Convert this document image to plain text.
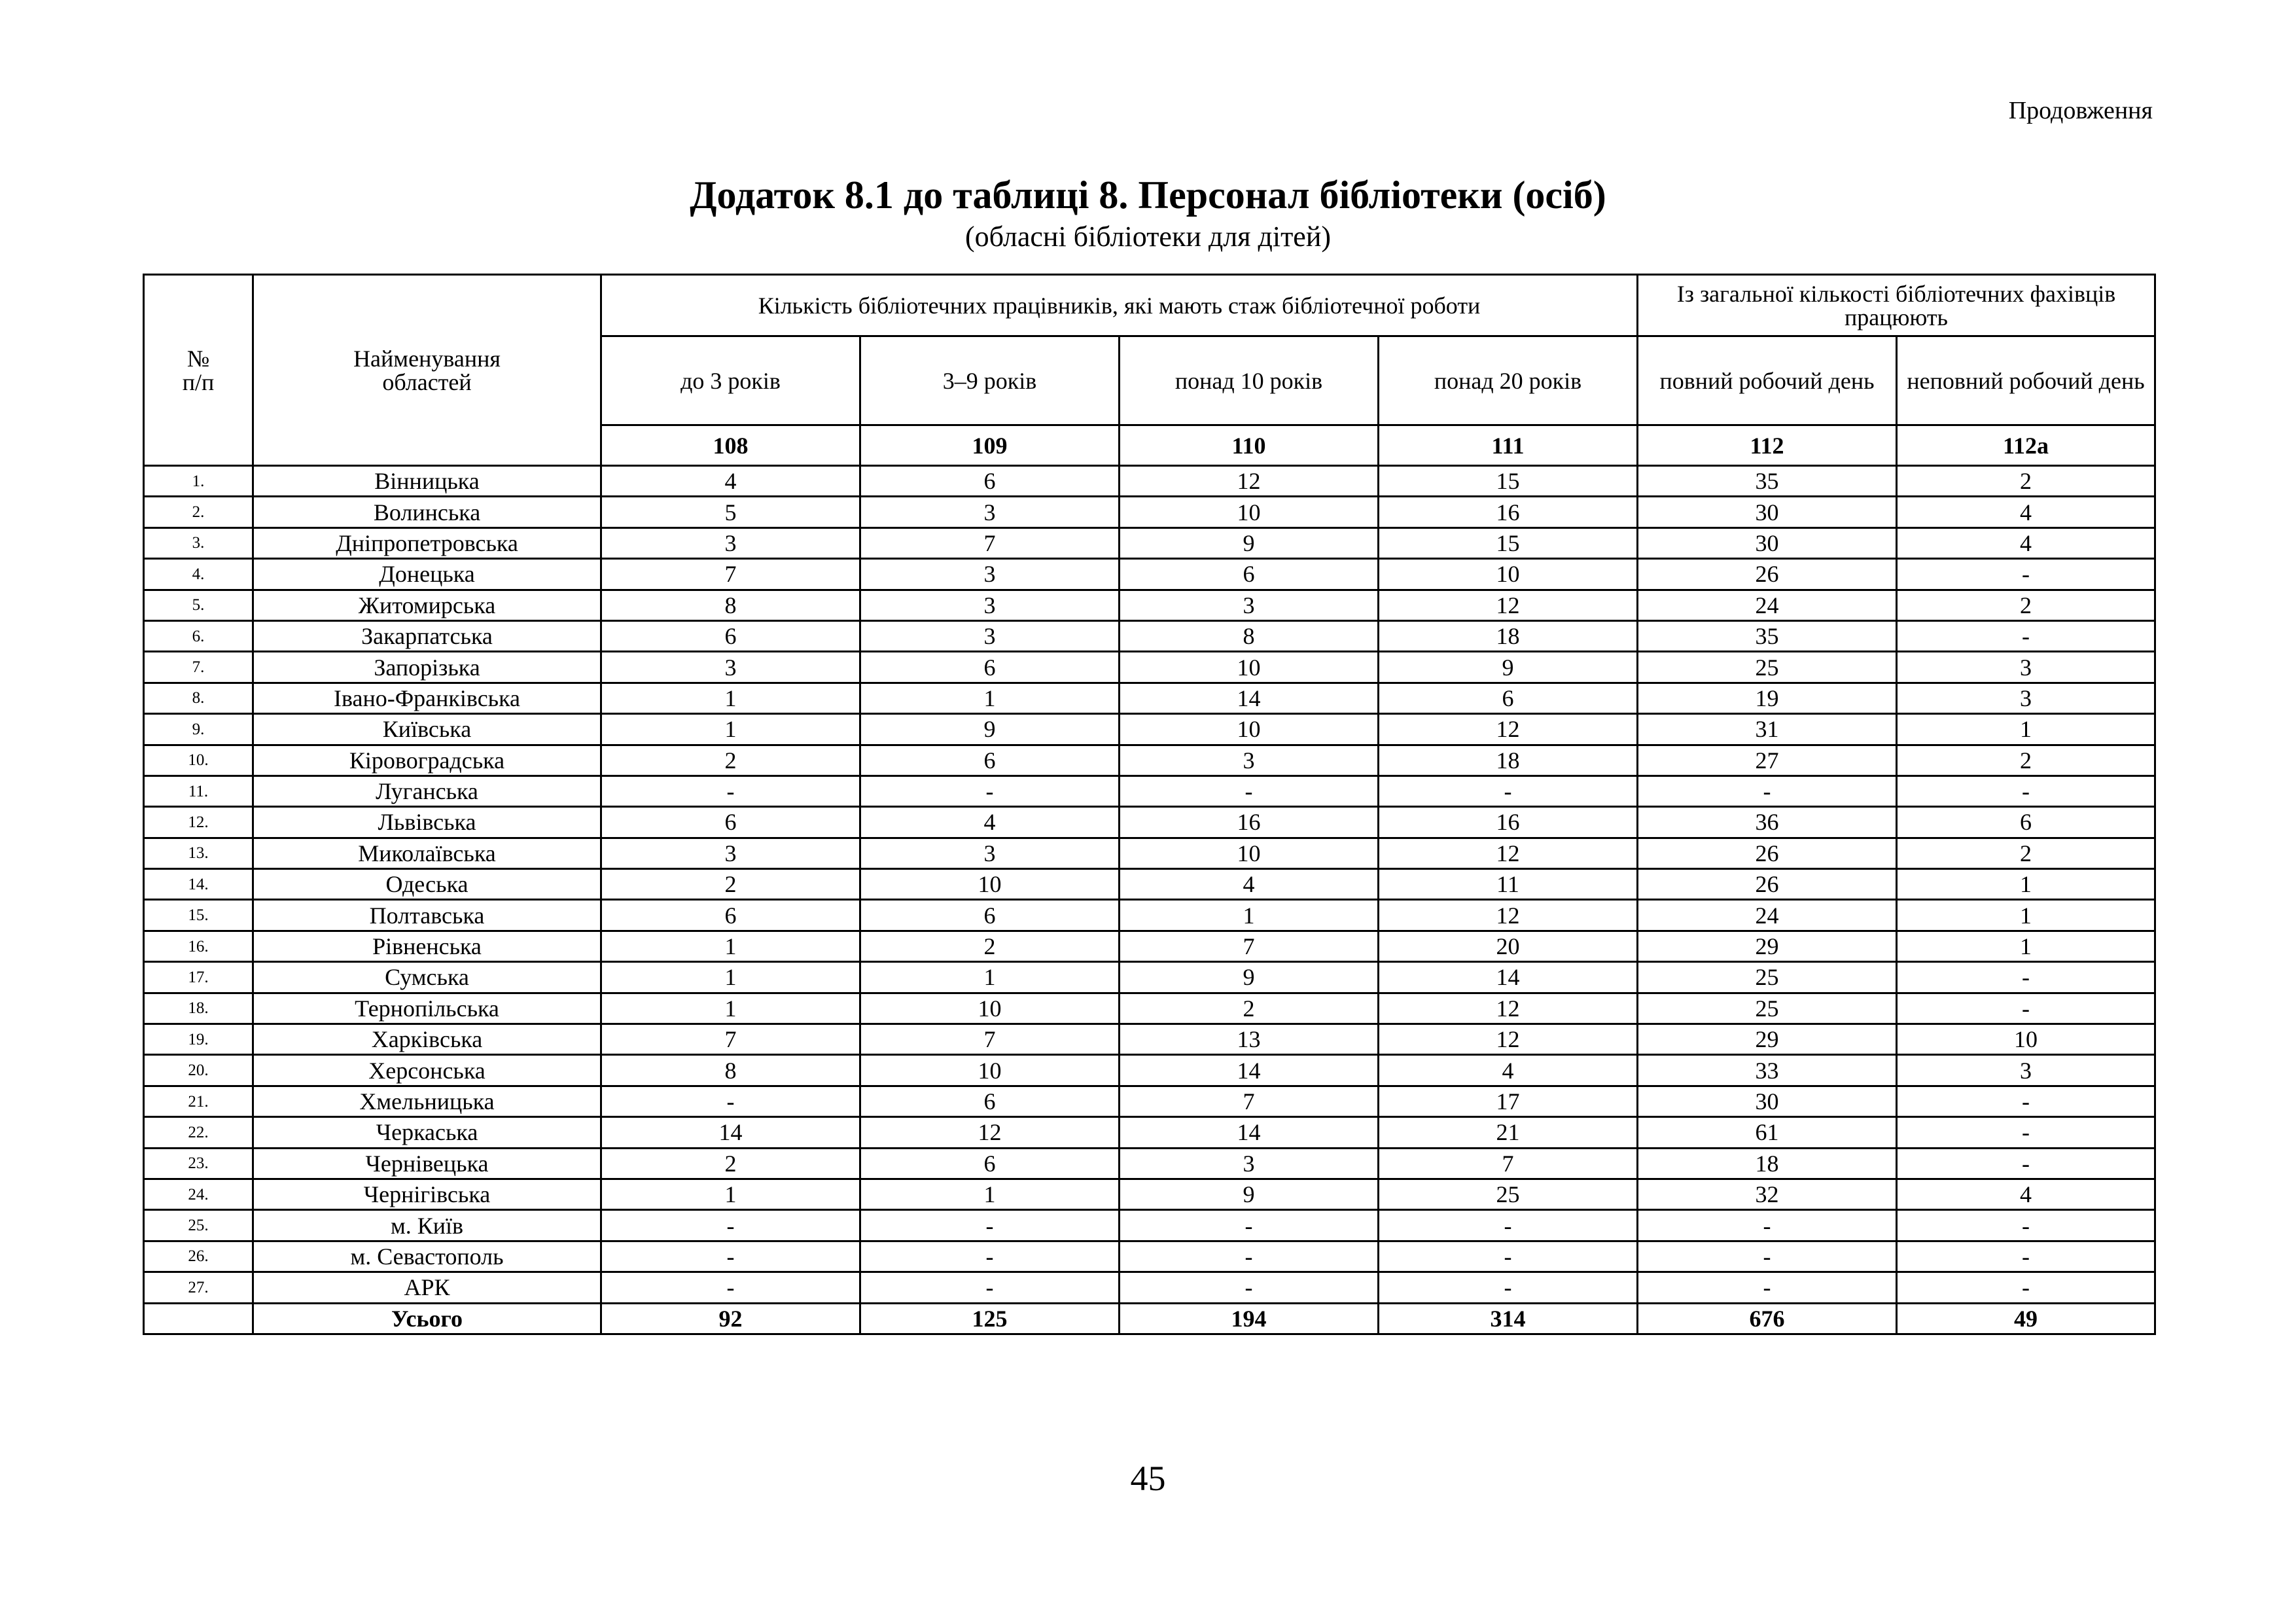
Продовження
Додаток 8.1 до таблиці 8. Персонал бібліотеки (осіб)
(обласні бібліотеки для дітей)
№
п/п	Найменування
областей	Кількість бібліотечних працівників, які мають стаж бібліотечної роботи				Із загальної кількості бібліотечних фахівців працюють	
		до 3 років	3–9 років	понад 10 років	понад 20 років	повний робочий день	неповний робочий день
		108	109	110	111	112	112а
1.	Вінницька	4	6	12	15	35	2
2.	Волинська	5	3	10	16	30	4
3.	Дніпропетровська	3	7	9	15	30	4
4.	Донецька	7	3	6	10	26	-
5.	Житомирська	8	3	3	12	24	2
6.	Закарпатська	6	3	8	18	35	-
7.	Запорізька	3	6	10	9	25	3
8.	Івано-Франківська	1	1	14	6	19	3
9.	Київська	1	9	10	12	31	1
10.	Кіровоградська	2	6	3	18	27	2
11.	Луганська	-	-	-	-	-	-
12.	Львівська	6	4	16	16	36	6
13.	Миколаївська	3	3	10	12	26	2
14.	Одеська	2	10	4	11	26	1
15.	Полтавська	6	6	1	12	24	1
16.	Рівненська	1	2	7	20	29	1
17.	Сумська	1	1	9	14	25	-
18.	Тернопільська	1	10	2	12	25	-
19.	Харківська	7	7	13	12	29	10
20.	Херсонська	8	10	14	4	33	3
21.	Хмельницька	-	6	7	17	30	-
22.	Черкаська	14	12	14	21	61	-
23.	Чернівецька	2	6	3	7	18	-
24.	Чернігівська	1	1	9	25	32	4
25.	м. Київ	-	-	-	-	-	-
26.	м. Севастополь	-	-	-	-	-	-
27.	АРК	-	-	-	-	-	-
	Усього	92	125	194	314	676	49
45
